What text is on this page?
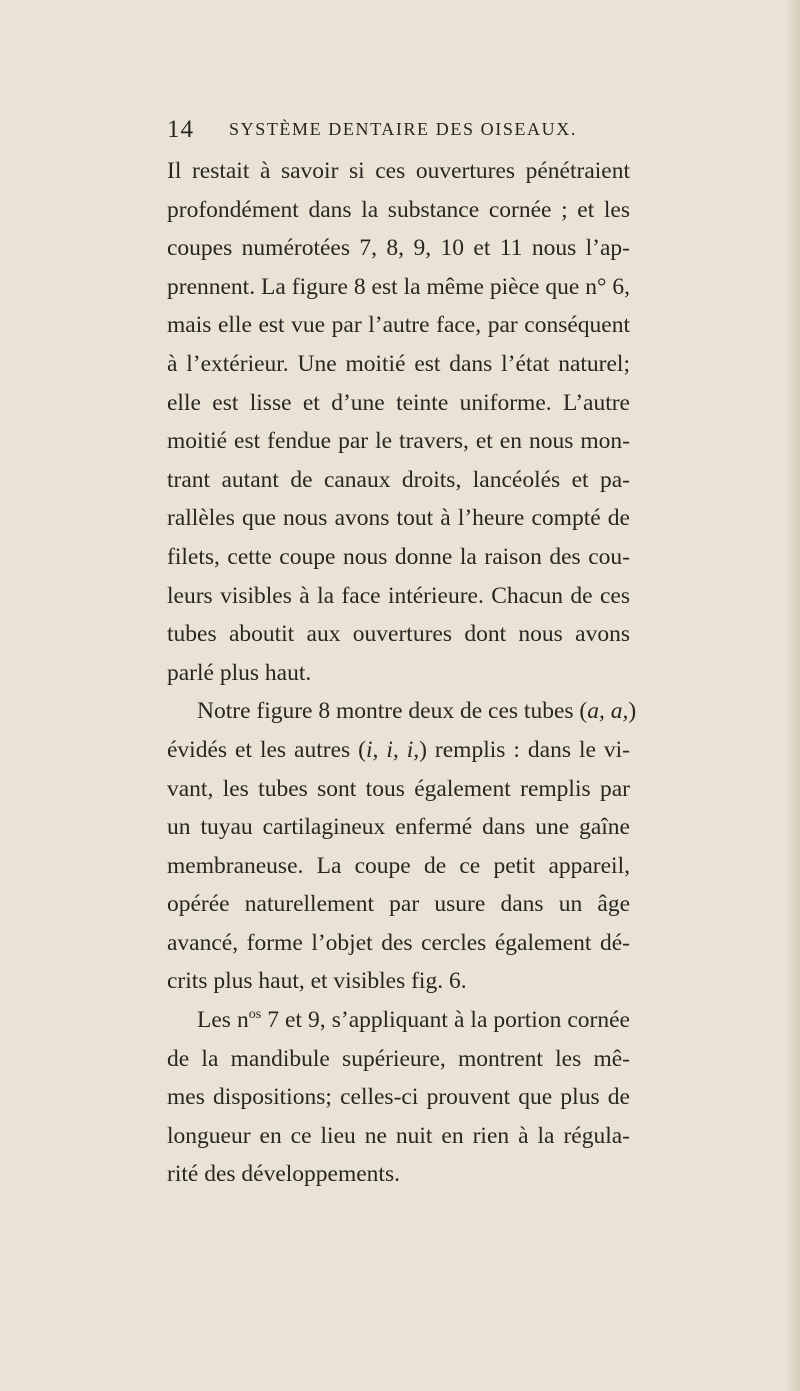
14 SYSTÈME DENTAIRE DES OISEAUX.
Il restait à savoir si ces ouvertures pénétraient
profondément dans la substance cornée ; et les
coupes numérotées 7, 8, 9, 10 et 11 nous l’ap-
prennent. La figure 8 est la même pièce que n° 6,
mais elle est vue par l’autre face, par conséquent
à l’extérieur. Une moitié est dans l’état naturel;
elle est lisse et d’une teinte uniforme. L’autre
moitié est fendue par le travers, et en nous mon-
trant autant de canaux droits, lancéolés et pa-
rallèles que nous avons tout à l’heure compté de
filets, cette coupe nous donne la raison des cou-
leurs visibles à la face intérieure. Chacun de ces
tubes aboutit aux ouvertures dont nous avons
parlé plus haut.
Notre figure 8 montre deux de ces tubes (a, a,)
évidés et les autres (i, i, i,) remplis : dans le vi-
vant, les tubes sont tous également remplis par
un tuyau cartilagineux enfermé dans une gaîne
membraneuse. La coupe de ce petit appareil,
opérée naturellement par usure dans un âge
avancé, forme l’objet des cercles également dé-
crits plus haut, et visibles fig. 6.
Les $n^{os}$ 7 et 9, s’appliquant à la portion cornée
de la mandibule supérieure, montrent les mê-
mes dispositions; celles-ci prouvent que plus de
longueur en ce lieu ne nuit en rien à la régula-
rité des développements.
